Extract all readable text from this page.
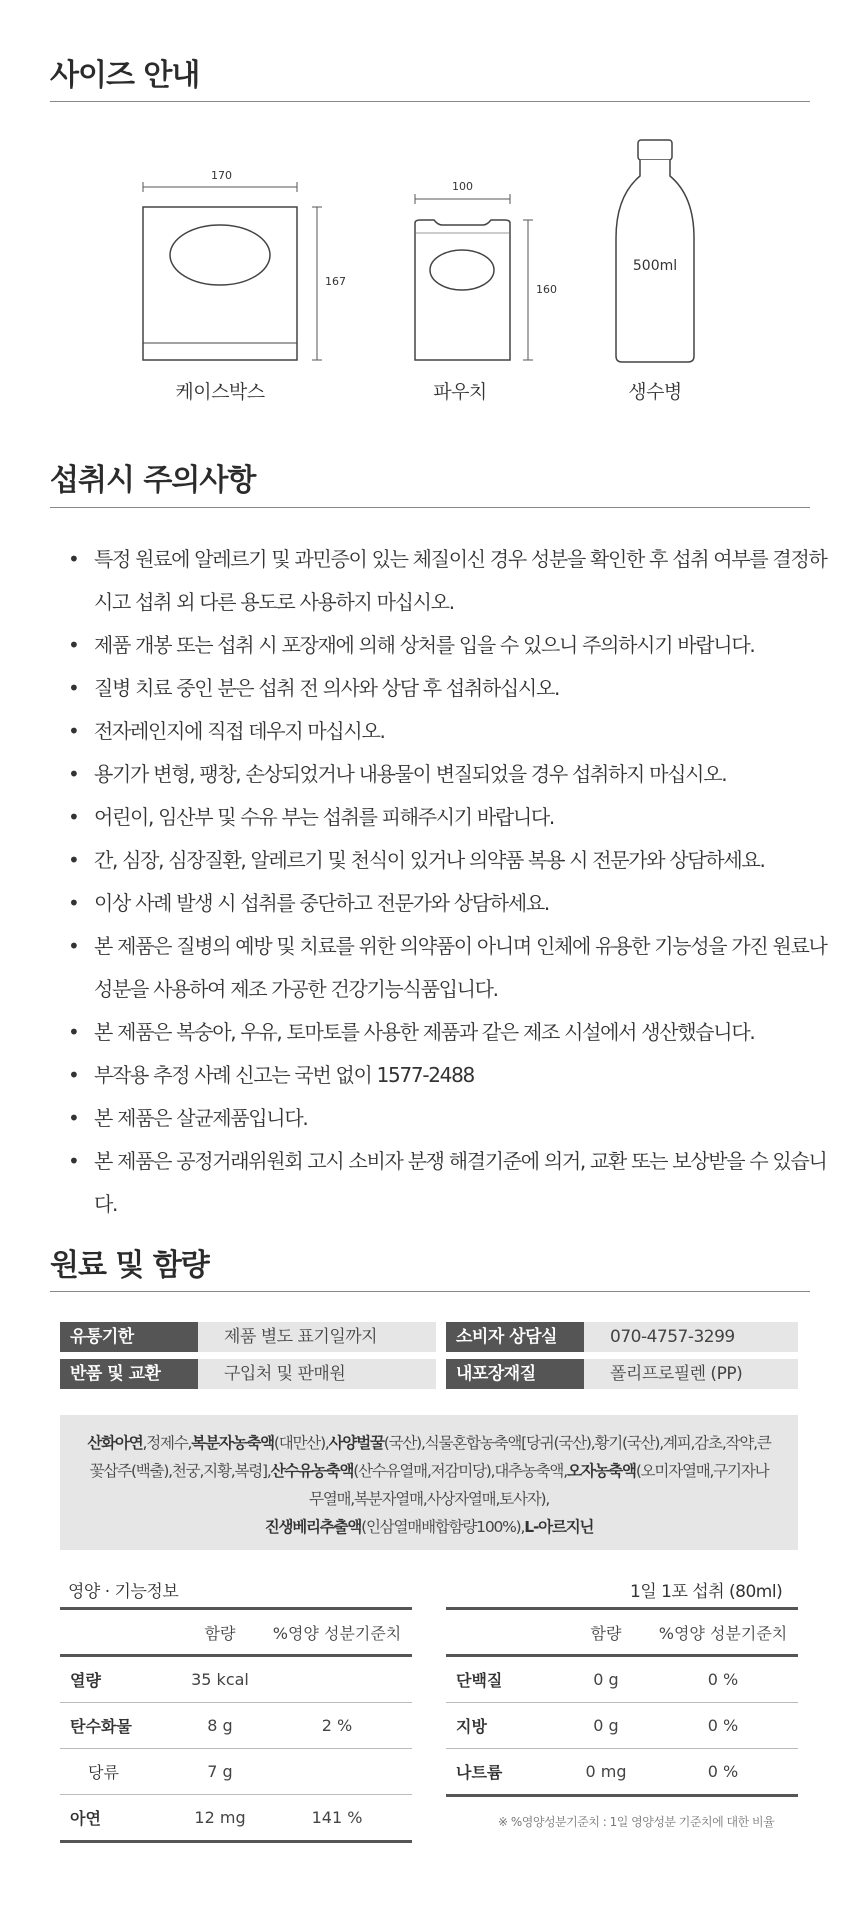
사이즈 안내
170
167
케이스박스
100
160
파우치
500ml
생수병
섭취시 주의사항
• 특정 원료에 알레르기 및 과민증이 있는 체질이신 경우 성분을 확인한 후 섭취 여부를 결정하시고 섭취 외 다른 용도로 사용하지 마십시오.
• 제품 개봉 또는 섭취 시 포장재에 의해 상처를 입을 수 있으니 주의하시기 바랍니다.
• 질병 치료 중인 분은 섭취 전 의사와 상담 후 섭취하십시오.
• 전자레인지에 직접 데우지 마십시오.
• 용기가 변형, 팽창, 손상되었거나 내용물이 변질되었을 경우 섭취하지 마십시오.
• 어린이, 임산부 및 수유 부는 섭취를 피해주시기 바랍니다.
• 간, 심장, 심장질환, 알레르기 및 천식이 있거나 의약품 복용 시 전문가와 상담하세요.
• 이상 사례 발생 시 섭취를 중단하고 전문가와 상담하세요.
• 본 제품은 질병의 예방 및 치료를 위한 의약품이 아니며 인체에 유용한 기능성을 가진 원료나 성분을 사용하여 제조 가공한 건강기능식품입니다.
• 본 제품은 복숭아, 우유, 토마토를 사용한 제품과 같은 제조 시설에서 생산했습니다.
• 부작용 추정 사례 신고는 국번 없이 1577-2488
• 본 제품은 살균제품입니다.
• 본 제품은 공정거래위원회 고시 소비자 분쟁 해결기준에 의거, 교환 또는 보상받을 수 있습니다.
원료 및 함량
유통기한	제품 별도 표기일까지	소비자 상담실	070-4757-3299
반품 및 교환	구입처 및 판매원	내포장재질	폴리프로필렌 (PP)
산화아연,정제수,복분자농축액(대만산),사양벌꿀(국산),식물혼합농축액[당귀(국산),황기(국산),계피,감초,작약,큰꽃삽주(백출),천궁,지황,복령],산수유농축액(산수유열매,저감미당),대추농축액,오자농축액(오미자열매,구기자나무열매,복분자열매,사상자열매,토사자),
진생베리추출액(인삼열매배합함량100%),L-아르지닌
영양 · 기능정보	1일 1포 섭취 (80ml)
	함량	%영양 성분기준치
열량	35 kcal	
탄수화물	8 g	2 %
당류	7 g	
아연	12 mg	141 %
	함량	%영양 성분기준치
단백질	0 g	0 %
지방	0 g	0 %
나트륨	0 mg	0 %
※ %영양성분기준치 : 1일 영양성분 기준치에 대한 비율
